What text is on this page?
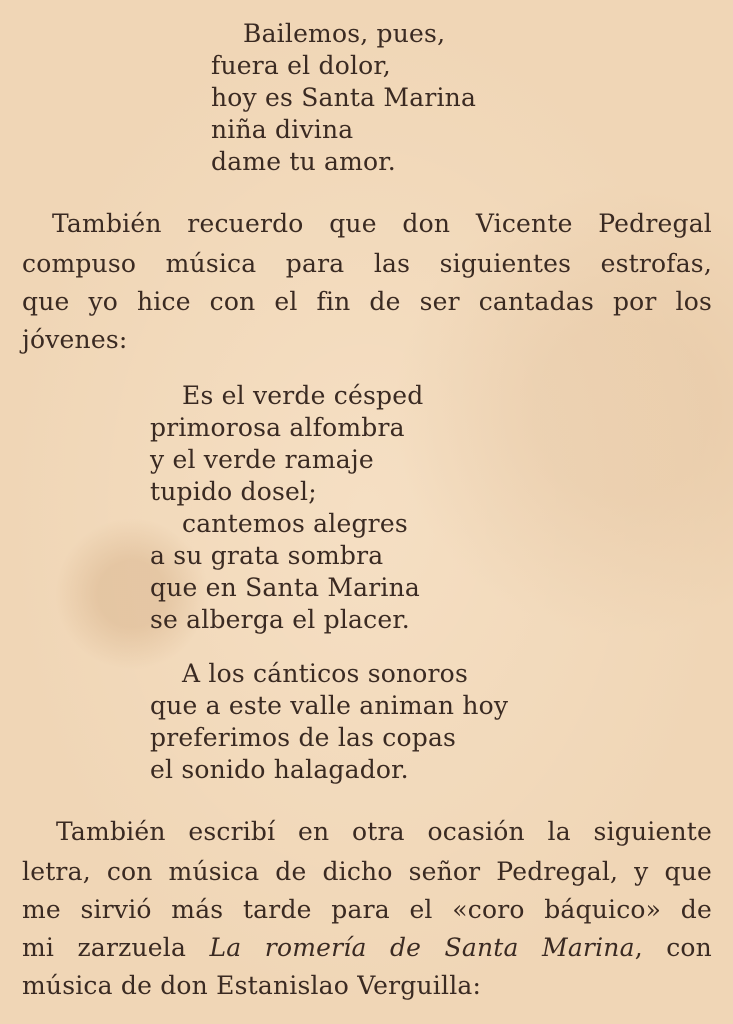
Bailemos, pues,
fuera el dolor,
hoy es Santa Marina
niña divina
dame tu amor.
También recuerdo que don Vicente Pedregal
compuso música para las siguientes estrofas,
que yo hice con el fin de ser cantadas por los
jóvenes:
Es el verde césped
primorosa alfombra
y el verde ramaje
tupido dosel;
cantemos alegres
a su grata sombra
que en Santa Marina
se alberga el placer.
A los cánticos sonoros
que a este valle animan hoy
preferimos de las copas
el sonido halagador.
También escribí en otra ocasión la siguiente
letra, con música de dicho señor Pedregal, y que
me sirvió más tarde para el «coro báquico» de
mi zarzuela La romería de Santa Marina, con
música de don Estanislao Verguilla:
